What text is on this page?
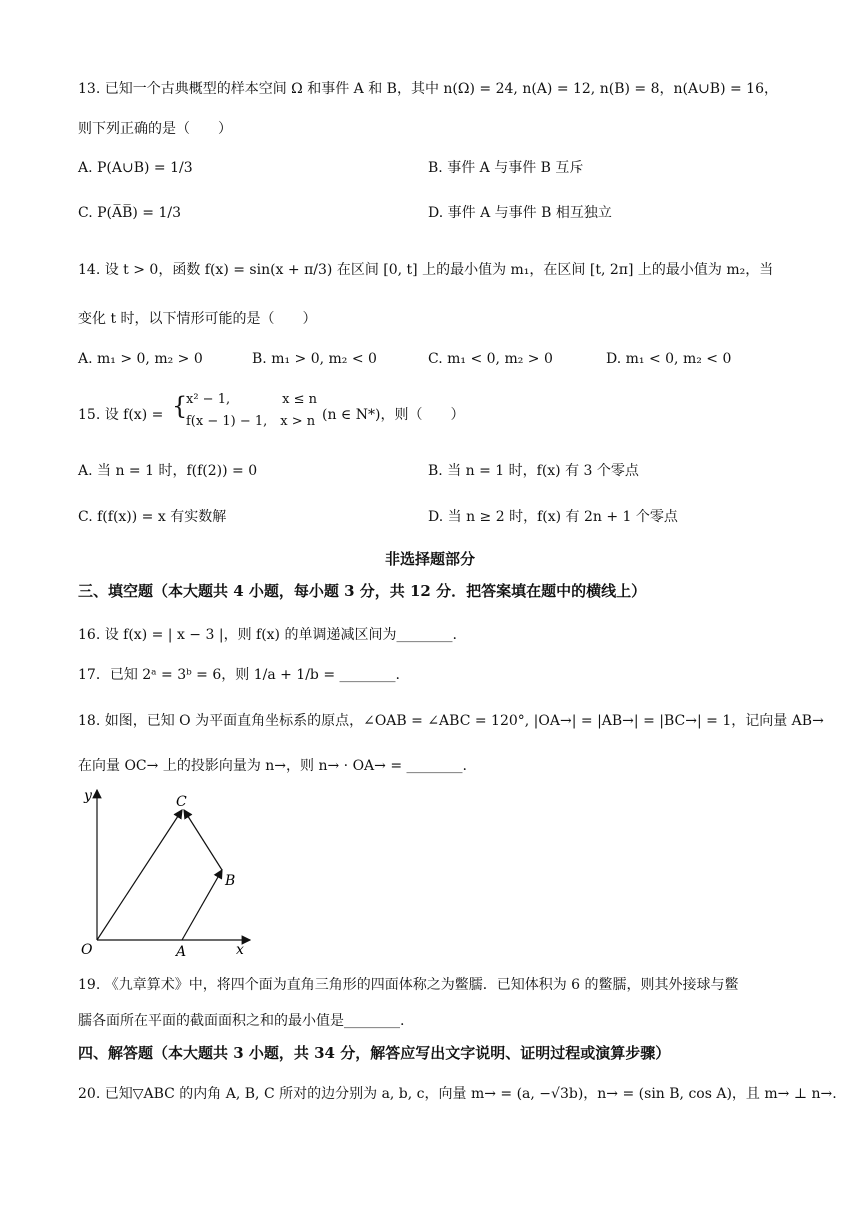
13. 已知一个古典概型的样本空间 Ω 和事件 A 和 B，其中 n(Ω) = 24, n(A) = 12, n(B) = 8，n(A∪B) = 16，
则下列正确的是（　　）
A. P(A∪B) = 1/3	B. 事件 A 与事件 B 互斥
C. P(A̅B̅) = 1/3	D. 事件 A 与事件 B 相互独立
14. 设 t > 0，函数 f(x) = sin(x + π/3) 在区间 [0, t] 上的最小值为 m₁，在区间 [t, 2π] 上的最小值为 m₂，当
变化 t 时，以下情形可能的是（　　）
A. m₁ > 0, m₂ > 0	B. m₁ > 0, m₂ < 0	C. m₁ < 0, m₂ > 0	D. m₁ < 0, m₂ < 0
15. 设 f(x) = {
x² − 1,　　　　x ≤ n
f(x − 1) − 1,　x > n (n ∈ N*)，则（　　）
A. 当 n = 1 时，f(f(2)) = 0	B. 当 n = 1 时，f(x) 有 3 个零点
C. f(f(x)) = x 有实数解	D. 当 n ≥ 2 时，f(x) 有 2n + 1 个零点
非选择题部分
三、填空题（本大题共 4 小题，每小题 3 分，共 12 分．把答案填在题中的横线上）
16. 设 f(x) = | x − 3 |，则 f(x) 的单调递减区间为________.
17．已知 2ᵃ = 3ᵇ = 6，则 1/a + 1/b = ________.
18. 如图，已知 O 为平面直角坐标系的原点，∠OAB = ∠ABC = 120°, |OA→| = |AB→| = |BC→| = 1，记向量 AB→
在向量 OC→ 上的投影向量为 n→，则 n→ · OA→ = ________.
y
x
O	A
B
C
19. 《九章算术》中，将四个面为直角三角形的四面体称之为鳖臑．已知体积为 6 的鳖臑，则其外接球与鳖
臑各面所在平面的截面面积之和的最小值是________.
四、解答题（本大题共 3 小题，共 34 分，解答应写出文字说明、证明过程或演算步骤）
20. 已知▽ABC 的内角 A, B, C 所对的边分别为 a, b, c，向量 m→ = (a, −√3b)，n→ = (sin B, cos A)，且 m→ ⊥ n→.
